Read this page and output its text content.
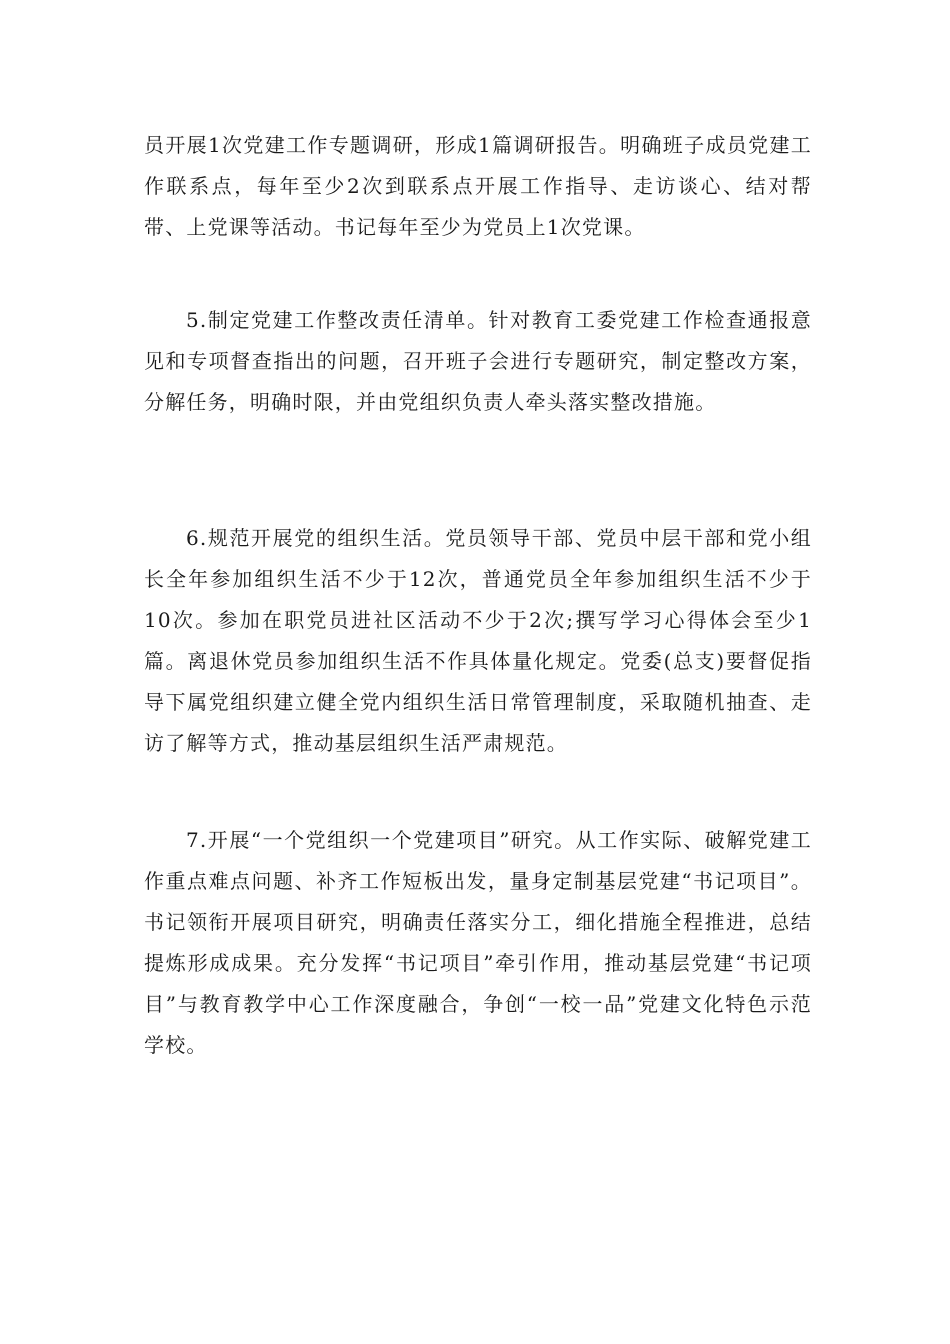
员开展1次党建工作专题调研，形成1篇调研报告。明确班子成员党建工作联系点，每年至少2次到联系点开展工作指导、走访谈心、结对帮带、上党课等活动。书记每年至少为党员上1次党课。

5.制定党建工作整改责任清单。针对教育工委党建工作检查通报意见和专项督查指出的问题，召开班子会进行专题研究，制定整改方案，分解任务，明确时限，并由党组织负责人牵头落实整改措施。

6.规范开展党的组织生活。党员领导干部、党员中层干部和党小组长全年参加组织生活不少于12次，普通党员全年参加组织生活不少于10次。参加在职党员进社区活动不少于2次;撰写学习心得体会至少1篇。离退休党员参加组织生活不作具体量化规定。党委(总支)要督促指导下属党组织建立健全党内组织生活日常管理制度，采取随机抽查、走访了解等方式，推动基层组织生活严肃规范。

7.开展“一个党组织一个党建项目”研究。从工作实际、破解党建工作重点难点问题、补齐工作短板出发，量身定制基层党建“书记项目”。书记领衔开展项目研究，明确责任落实分工，细化措施全程推进，总结提炼形成成果。充分发挥“书记项目”牵引作用，推动基层党建“书记项目”与教育教学中心工作深度融合，争创“一校一品”党建文化特色示范学校。
